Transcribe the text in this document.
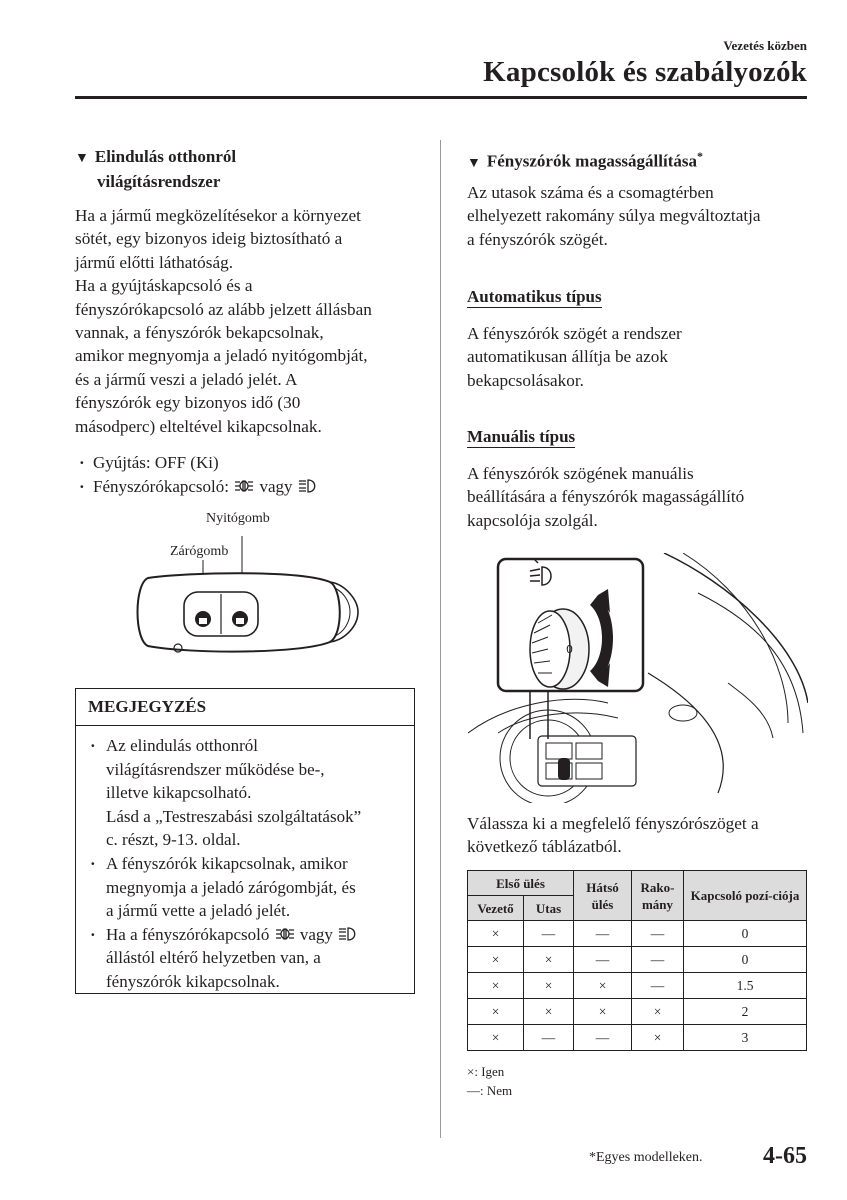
Vezetés közben
Kapcsolók és szabályozók
▼ Elindulás otthonról
világításrendszer
Ha a jármű megközelítésekor a környezet
sötét, egy bizonyos ideig biztosítható a
jármű előtti láthatóság.
Ha a gyújtáskapcsoló és a
fényszórókapcsoló az alább jelzett állásban
vannak, a fényszórók bekapcsolnak,
amikor megnyomja a jeladó nyitógombját,
és a jármű veszi a jeladó jelét. A
fényszórók egy bizonyos idő (30
másodperc) elteltével kikapcsolnak.
· Gyújtás: OFF (Ki)
· Fényszórókapcsoló: vagy
Nyitógomb
Zárógomb
MEGJEGYZÉS
· Az elindulás otthonról
világításrendszer működése be-,
illetve kikapcsolható.
Lásd a „Testreszabási szolgáltatások”
c. részt, 9-13. oldal.
· A fényszórók kikapcsolnak, amikor
megnyomja a jeladó zárógombját, és
a jármű vette a jeladó jelét.
· Ha a fényszórókapcsoló vagy
állástól eltérő helyzetben van, a
fényszórók kikapcsolnak.
▼ Fényszórók magasságállítása*
Az utasok száma és a csomagtérben
elhelyezett rakomány súlya megváltoztatja
a fényszórók szögét.
Automatikus típus
A fényszórók szögét a rendszer
automatikusan állítja be azok
bekapcsolásakor.
Manuális típus
A fényszórók szögének manuális
beállítására a fényszórók magasságállító
kapcsolója szolgál.
0
Válassza ki a megfelelő fényszórószöget a
következő táblázatból.
Első ülés		Hátsó ülés	Rako-mány	Kapcsoló pozí-ciója
Vezető	Utas			
×	—	—	—	0
×	×	—	—	0
×	×	×	—	1.5
×	×	×	×	2
×	—	—	×	3
×: Igen
—: Nem
*Egyes modelleken.	4-65
